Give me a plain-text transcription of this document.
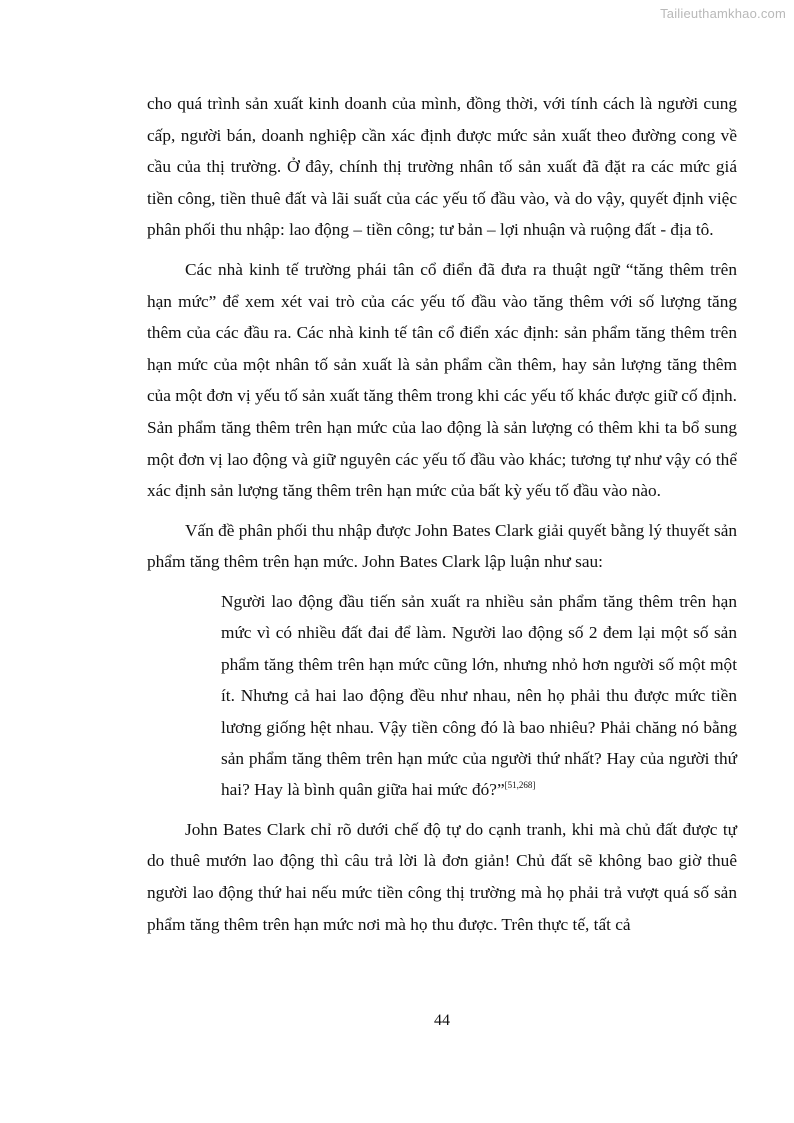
Tailieuthamkhao.com

cho quá trình sản xuất kinh doanh của mình, đồng thời, với tính cách là người cung cấp, người bán, doanh nghiệp cần xác định được mức sản xuất theo đường cong về cầu của thị trường. Ở đây, chính thị trường nhân tố sản xuất đã đặt ra các mức giá tiền công, tiền thuê đất và lãi suất của các yếu tố đầu vào, và do vậy, quyết định việc phân phối thu nhập: lao động – tiền công; tư bản – lợi nhuận và ruộng đất - địa tô.

Các nhà kinh tế trường phái tân cổ điển đã đưa ra thuật ngữ “tăng thêm trên hạn mức” để xem xét vai trò của các yếu tố đầu vào tăng thêm với số lượng tăng thêm của các đầu ra. Các nhà kinh tế tân cổ điển xác định: sản phẩm tăng thêm trên hạn mức của một nhân tố sản xuất là sản phẩm cần thêm, hay sản lượng tăng thêm của một đơn vị yếu tố sản xuất tăng thêm trong khi các yếu tố khác được giữ cố định. Sản phẩm tăng thêm trên hạn mức của lao động là sản lượng có thêm khi ta bổ sung một đơn vị lao động và giữ nguyên các yếu tố đầu vào khác; tương tự như vậy có thể xác định sản lượng tăng thêm trên hạn mức của bất kỳ yếu tố đầu vào nào.

Vấn đề phân phối thu nhập được John Bates Clark giải quyết bằng lý thuyết sản phẩm tăng thêm trên hạn mức. John Bates Clark lập luận như sau:

Người lao động đầu tiến sản xuất ra nhiều sản phẩm tăng thêm trên hạn mức vì có nhiều đất đai để làm. Người lao động số 2 đem lại một số sản phẩm tăng thêm trên hạn mức cũng lớn, nhưng nhỏ hơn người số một một ít. Nhưng cả hai lao động đều như nhau, nên họ phải thu được mức tiền lương giống hệt nhau. Vậy tiền công đó là bao nhiêu? Phải chăng nó bằng sản phẩm tăng thêm trên hạn mức của người thứ nhất? Hay của người thứ hai? Hay là bình quân giữa hai mức đó?”[51,268]

John Bates Clark chỉ rõ dưới chế độ tự do cạnh tranh, khi mà chủ đất được tự do thuê mướn lao động thì câu trả lời là đơn giản! Chủ đất sẽ không bao giờ thuê người lao động thứ hai nếu mức tiền công thị trường mà họ phải trả vượt quá số sản phẩm tăng thêm trên hạn mức nơi mà họ thu được. Trên thực tế, tất cả

44
